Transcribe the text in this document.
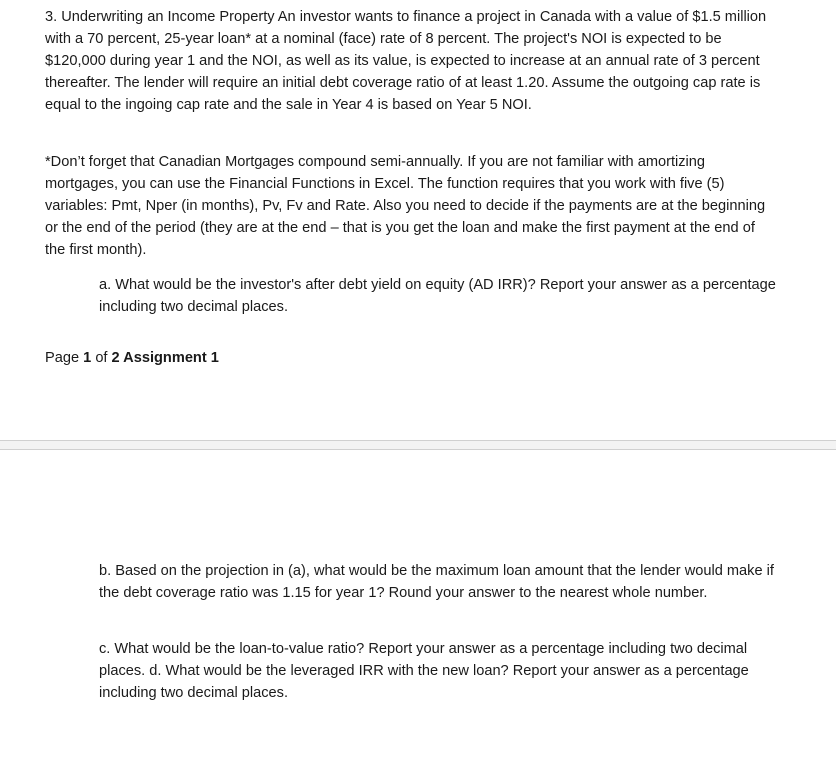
3. Underwriting an Income Property An investor wants to finance a project in Canada with a value of $1.5 million with a 70 percent, 25-year loan* at a nominal (face) rate of 8 percent. The project's NOI is expected to be $120,000 during year 1 and the NOI, as well as its value, is expected to increase at an annual rate of 3 percent thereafter. The lender will require an initial debt coverage ratio of at least 1.20. Assume the outgoing cap rate is equal to the ingoing cap rate and the sale in Year 4 is based on Year 5 NOI.

*Don’t forget that Canadian Mortgages compound semi-annually. If you are not familiar with amortizing mortgages, you can use the Financial Functions in Excel. The function requires that you work with five (5) variables: Pmt, Nper (in months), Pv, Fv and Rate. Also you need to decide if the payments are at the beginning or the end of the period (they are at the end – that is you get the loan and make the first payment at the end of the first month).

a. What would be the investor's after debt yield on equity (AD IRR)? Report your answer as a percentage including two decimal places.

Page 1 of 2 Assignment 1

b. Based on the projection in (a), what would be the maximum loan amount that the lender would make if the debt coverage ratio was 1.15 for year 1? Round your answer to the nearest whole number.

c. What would be the loan-to-value ratio? Report your answer as a percentage including two decimal places. d. What would be the leveraged IRR with the new loan? Report your answer as a percentage including two decimal places.
